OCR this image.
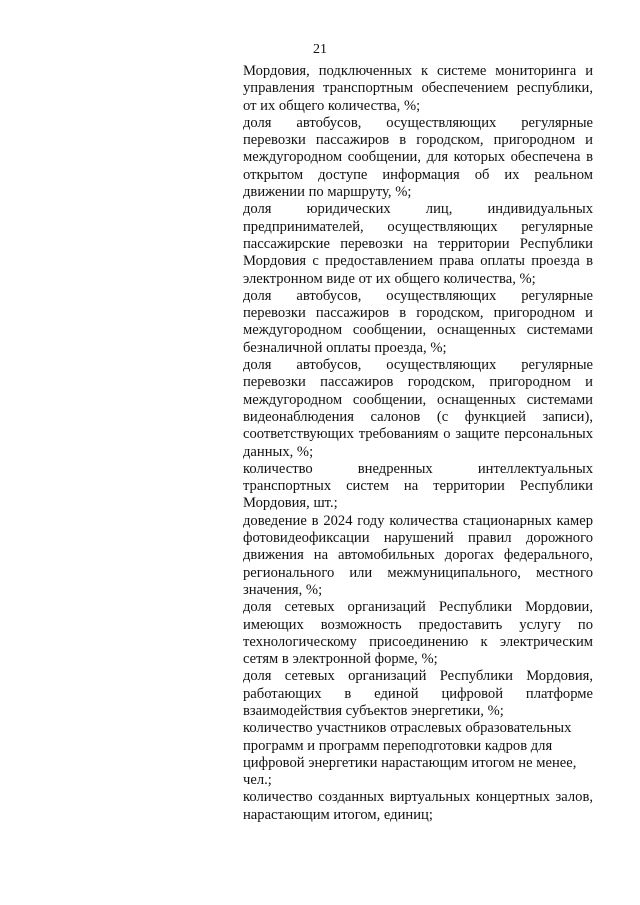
21

Мордовия, подключенных к системе мониторинга и управления транспортным обеспечением республики, от их общего количества, %;

доля автобусов, осуществляющих регулярные перевозки пассажиров в городском, пригородном и междугородном сообщении, для которых обеспечена в открытом доступе информация об их реальном движении по маршруту, %;

доля юридических лиц, индивидуальных предпринимателей, осуществляющих регулярные пассажирские перевозки на территории Республики Мордовия с предоставлением права оплаты проезда в электронном виде от их общего количества, %;

доля автобусов, осуществляющих регулярные перевозки пассажиров в городском, пригородном и междугородном сообщении, оснащенных системами безналичной оплаты проезда, %;

доля автобусов, осуществляющих регулярные перевозки пассажиров городском, пригородном и междугородном сообщении, оснащенных системами видеонаблюдения салонов (с функцией записи), соответствующих требованиям о защите персональных данных, %;

количество внедренных интеллектуальных транспортных систем на территории Республики Мордовия, шт.;

доведение в 2024 году количества стационарных камер фотовидеофиксации нарушений правил дорожного движения на автомобильных дорогах федерального, регионального или межмуниципального, местного значения, %;

доля сетевых организаций Республики Мордовии, имеющих возможность предоставить услугу по технологическому присоединению к электрическим сетям в электронной форме, %;

доля сетевых организаций Республики Мордовия, работающих в единой цифровой платформе взаимодействия субъектов энергетики, %;

количество участников отраслевых образовательных программ и программ переподготовки кадров для цифровой энергетики нарастающим итогом не менее, чел.;

количество созданных виртуальных концертных залов, нарастающим итогом, единиц;
